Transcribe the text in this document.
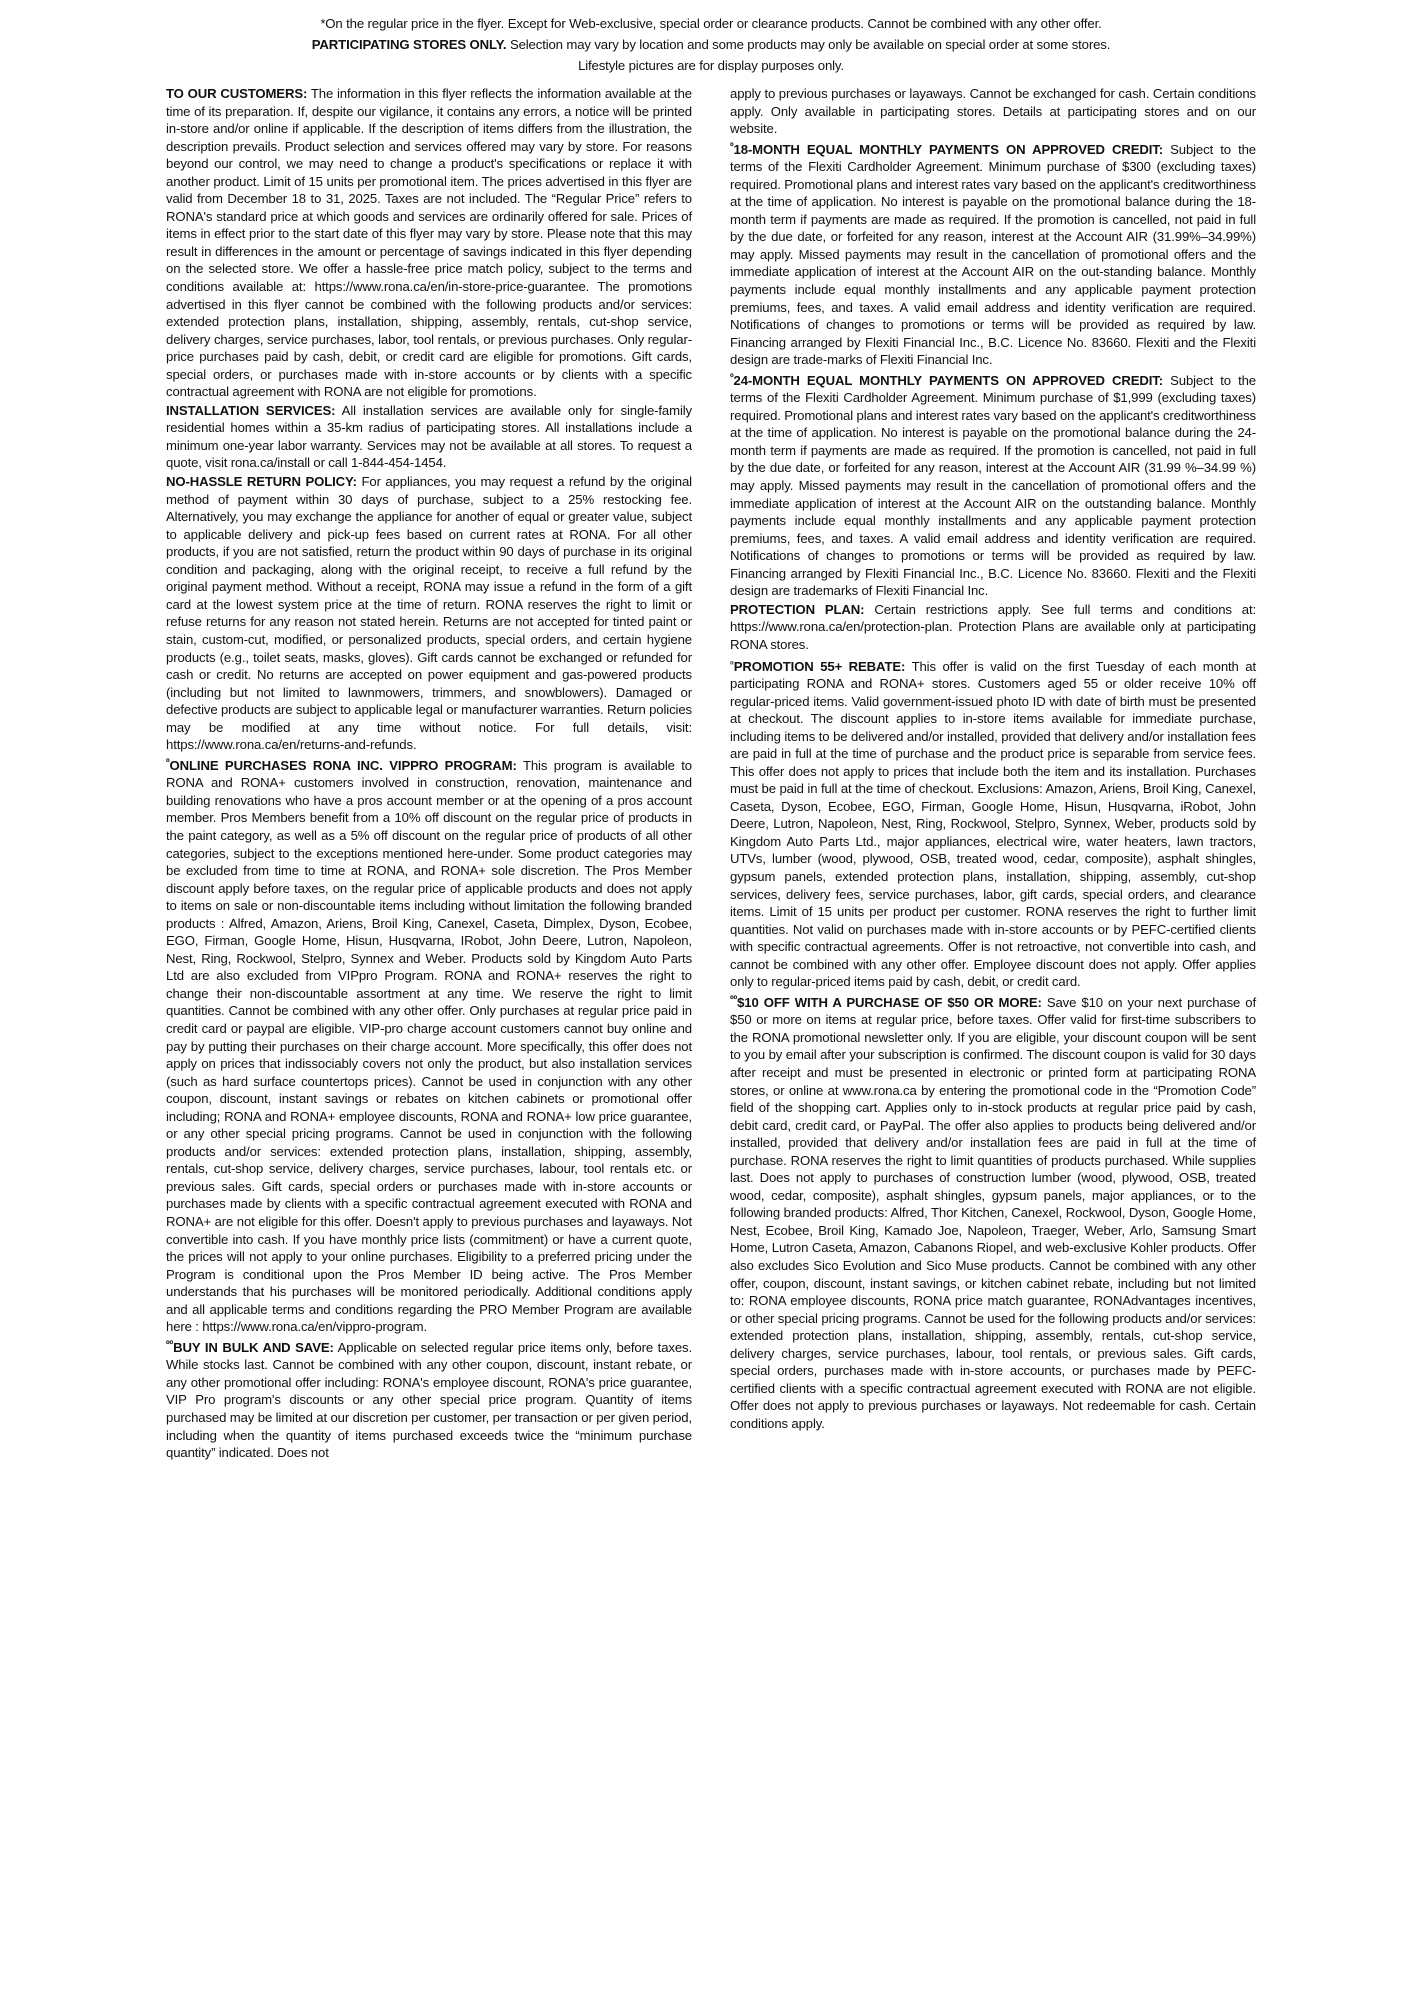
*On the regular price in the flyer. Except for Web-exclusive, special order or clearance products. Cannot be combined with any other offer.

PARTICIPATING STORES ONLY. Selection may vary by location and some products may only be available on special order at some stores.

Lifestyle pictures are for display purposes only.

TO OUR CUSTOMERS: The information in this flyer reflects the information available at the time of its preparation. If, despite our vigilance, it contains any errors, a notice will be printed in-store and/or online if applicable. If the description of items differs from the illustration, the description prevails. Product selection and services offered may vary by store. For reasons beyond our control, we may need to change a product's specifications or replace it with another product. Limit of 15 units per promotional item. The prices advertised in this flyer are valid from December 18 to 31, 2025. Taxes are not included. The “Regular Price” refers to RONA's standard price at which goods and services are ordinarily offered for sale. Prices of items in effect prior to the start date of this flyer may vary by store. Please note that this may result in differences in the amount or percentage of savings indicated in this flyer depending on the selected store. We offer a hassle-free price match policy, subject to the terms and conditions available at: https://www.rona.ca/en/in-store-price-guarantee. The promotions advertised in this flyer cannot be combined with the following products and/or services: extended protection plans, installation, shipping, assembly, rentals, cut-shop service, delivery charges, service purchases, labor, tool rentals, or previous purchases. Only regular-price purchases paid by cash, debit, or credit card are eligible for promotions. Gift cards, special orders, or purchases made with in-store accounts or by clients with a specific contractual agreement with RONA are not eligible for promotions.

INSTALLATION SERVICES: All installation services are available only for single-family residential homes within a 35-km radius of participating stores. All installations include a minimum one-year labor warranty. Services may not be available at all stores. To request a quote, visit rona.ca/install or call 1-844-454-1454.

NO-HASSLE RETURN POLICY: For appliances, you may request a refund by the original method of payment within 30 days of purchase, subject to a 25% restocking fee. Alternatively, you may exchange the appliance for another of equal or greater value, subject to applicable delivery and pick-up fees based on current rates at RONA. For all other products, if you are not satisfied, return the product within 90 days of purchase in its original condition and packaging, along with the original receipt, to receive a full refund by the original payment method. Without a receipt, RONA may issue a refund in the form of a gift card at the lowest system price at the time of return. RONA reserves the right to limit or refuse returns for any reason not stated herein. Returns are not accepted for tinted paint or stain, custom-cut, modified, or personalized products, special orders, and certain hygiene products (e.g., toilet seats, masks, gloves). Gift cards cannot be exchanged or refunded for cash or credit. No returns are accepted on power equipment and gas-powered products (including but not limited to lawnmowers, trimmers, and snowblowers). Damaged or defective products are subject to applicable legal or manufacturer warranties. Return policies may be modified at any time without notice. For full details, visit: https://www.rona.ca/en/returns-and-refunds.

$^º$ONLINE PURCHASES RONA INC. VIPPRO PROGRAM: This program is available to RONA and RONA+ customers involved in construction, renovation, maintenance and building renovations who have a pros account member or at the opening of a pros account member. Pros Members benefit from a 10% off discount on the regular price of products in the paint category, as well as a 5% off discount on the regular price of products of all other categories, subject to the exceptions mentioned here-under. Some product categories may be excluded from time to time at RONA, and RONA+ sole discretion. The Pros Member discount apply before taxes, on the regular price of applicable products and does not apply to items on sale or non-discountable items including without limitation the following branded products : Alfred, Amazon, Ariens, Broil King, Canexel, Caseta, Dimplex, Dyson, Ecobee, EGO, Firman, Google Home, Hisun, Husqvarna, IRobot, John Deere, Lutron, Napoleon, Nest, Ring, Rockwool, Stelpro, Synnex and Weber. Products sold by Kingdom Auto Parts Ltd are also excluded from VIPpro Program. RONA and RONA+ reserves the right to change their non-discountable assortment at any time. We reserve the right to limit quantities. Cannot be combined with any other offer. Only purchases at regular price paid in credit card or paypal are eligible. VIP-pro charge account customers cannot buy online and pay by putting their purchases on their charge account. More specifically, this offer does not apply on prices that indissociably covers not only the product, but also installation services (such as hard surface countertops prices). Cannot be used in conjunction with any other coupon, discount, instant savings or rebates on kitchen cabinets or promotional offer including; RONA and RONA+ employee discounts, RONA and RONA+ low price guarantee, or any other special pricing programs. Cannot be used in conjunction with the following products and/or services: extended protection plans, installation, shipping, assembly, rentals, cut-shop service, delivery charges, service purchases, labour, tool rentals etc. or previous sales. Gift cards, special orders or purchases made with in-store accounts or purchases made by clients with a specific contractual agreement executed with RONA and RONA+ are not eligible for this offer. Doesn't apply to previous purchases and layaways. Not convertible into cash. If you have monthly price lists (commitment) or have a current quote, the prices will not apply to your online purchases. Eligibility to a preferred pricing under the Program is conditional upon the Pros Member ID being active. The Pros Member understands that his purchases will be monitored periodically. Additional conditions apply and all applicable terms and conditions regarding the PRO Member Program are available here : https://www.rona.ca/en/vippro-program.

$^{ºº}$BUY IN BULK AND SAVE: Applicable on selected regular price items only, before taxes. While stocks last. Cannot be combined with any other coupon, discount, instant rebate, or any other promotional offer including: RONA's employee discount, RONA's price guarantee, VIP Pro program's discounts or any other special price program. Quantity of items purchased may be limited at our discretion per customer, per transaction or per given period, including when the quantity of items purchased exceeds twice the “minimum purchase quantity” indicated. Does not

apply to previous purchases or layaways. Cannot be exchanged for cash. Certain conditions apply. Only available in participating stores. Details at participating stores and on our website.

$^º$18-MONTH EQUAL MONTHLY PAYMENTS ON APPROVED CREDIT: Subject to the terms of the Flexiti Cardholder Agreement. Minimum purchase of $300 (excluding taxes) required. Promotional plans and interest rates vary based on the applicant's creditworthiness at the time of application. No interest is payable on the promotional balance during the 18-month term if payments are made as required. If the promotion is cancelled, not paid in full by the due date, or forfeited for any reason, interest at the Account AIR (31.99%–34.99%) may apply. Missed payments may result in the cancellation of promotional offers and the immediate application of interest at the Account AIR on the out-standing balance. Monthly payments include equal monthly installments and any applicable payment protection premiums, fees, and taxes. A valid email address and identity verification are required. Notifications of changes to promotions or terms will be provided as required by law. Financing arranged by Flexiti Financial Inc., B.C. Licence No. 83660. Flexiti and the Flexiti design are trade-marks of Flexiti Financial Inc.

$^º$24-MONTH EQUAL MONTHLY PAYMENTS ON APPROVED CREDIT: Subject to the terms of the Flexiti Cardholder Agreement. Minimum purchase of $1,999 (excluding taxes) required. Promotional plans and interest rates vary based on the applicant's creditworthiness at the time of application. No interest is payable on the promotional balance during the 24-month term if payments are made as required. If the promotion is cancelled, not paid in full by the due date, or forfeited for any reason, interest at the Account AIR (31.99 %–34.99 %) may apply. Missed payments may result in the cancellation of promotional offers and the immediate application of interest at the Account AIR on the outstanding balance. Monthly payments include equal monthly installments and any applicable payment protection premiums, fees, and taxes. A valid email address and identity verification are required. Notifications of changes to promotions or terms will be provided as required by law. Financing arranged by Flexiti Financial Inc., B.C. Licence No. 83660. Flexiti and the Flexiti design are trademarks of Flexiti Financial Inc.

PROTECTION PLAN: Certain restrictions apply. See full terms and conditions at: https://www.rona.ca/en/protection-plan. Protection Plans are available only at participating RONA stores.

$^{^n}$PROMOTION 55+ REBATE: This offer is valid on the first Tuesday of each month at participating RONA and RONA+ stores. Customers aged 55 or older receive 10% off regular-priced items. Valid government-issued photo ID with date of birth must be presented at checkout. The discount applies to in-store items available for immediate purchase, including items to be delivered and/or installed, provided that delivery and/or installation fees are paid in full at the time of purchase and the product price is separable from service fees. This offer does not apply to prices that include both the item and its installation. Purchases must be paid in full at the time of checkout. Exclusions: Amazon, Ariens, Broil King, Canexel, Caseta, Dyson, Ecobee, EGO, Firman, Google Home, Hisun, Husqvarna, iRobot, John Deere, Lutron, Napoleon, Nest, Ring, Rockwool, Stelpro, Synnex, Weber, products sold by Kingdom Auto Parts Ltd., major appliances, electrical wire, water heaters, lawn tractors, UTVs, lumber (wood, plywood, OSB, treated wood, cedar, composite), asphalt shingles, gypsum panels, extended protection plans, installation, shipping, assembly, cut-shop services, delivery fees, service purchases, labor, gift cards, special orders, and clearance items. Limit of 15 units per product per customer. RONA reserves the right to further limit quantities. Not valid on purchases made with in-store accounts or by PEFC-certified clients with specific contractual agreements. Offer is not retroactive, not convertible into cash, and cannot be combined with any other offer. Employee discount does not apply. Offer applies only to regular-priced items paid by cash, debit, or credit card.

$^{ºº}$\$10 OFF WITH A PURCHASE OF $50 OR MORE: Save $10 on your next purchase of $50 or more on items at regular price, before taxes. Offer valid for first-time subscribers to the RONA promotional newsletter only. If you are eligible, your discount coupon will be sent to you by email after your subscription is confirmed. The discount coupon is valid for 30 days after receipt and must be presented in electronic or printed form at participating RONA stores, or online at www.rona.ca by entering the promotional code in the “Promotion Code” field of the shopping cart. Applies only to in-stock products at regular price paid by cash, debit card, credit card, or PayPal. The offer also applies to products being delivered and/or installed, provided that delivery and/or installation fees are paid in full at the time of purchase. RONA reserves the right to limit quantities of products purchased. While supplies last. Does not apply to purchases of construction lumber (wood, plywood, OSB, treated wood, cedar, composite), asphalt shingles, gypsum panels, major appliances, or to the following branded products: Alfred, Thor Kitchen, Canexel, Rockwool, Dyson, Google Home, Nest, Ecobee, Broil King, Kamado Joe, Napoleon, Traeger, Weber, Arlo, Samsung Smart Home, Lutron Caseta, Amazon, Cabanons Riopel, and web-exclusive Kohler products. Offer also excludes Sico Evolution and Sico Muse products. Cannot be combined with any other offer, coupon, discount, instant savings, or kitchen cabinet rebate, including but not limited to: RONA employee discounts, RONA price match guarantee, RONAdvantages incentives, or other special pricing programs. Cannot be used for the following products and/or services: extended protection plans, installation, shipping, assembly, rentals, cut-shop service, delivery charges, service purchases, labour, tool rentals, or previous sales. Gift cards, special orders, purchases made with in-store accounts, or purchases made by PEFC-certified clients with a specific contractual agreement executed with RONA are not eligible. Offer does not apply to previous purchases or layaways. Not redeemable for cash. Certain conditions apply.
